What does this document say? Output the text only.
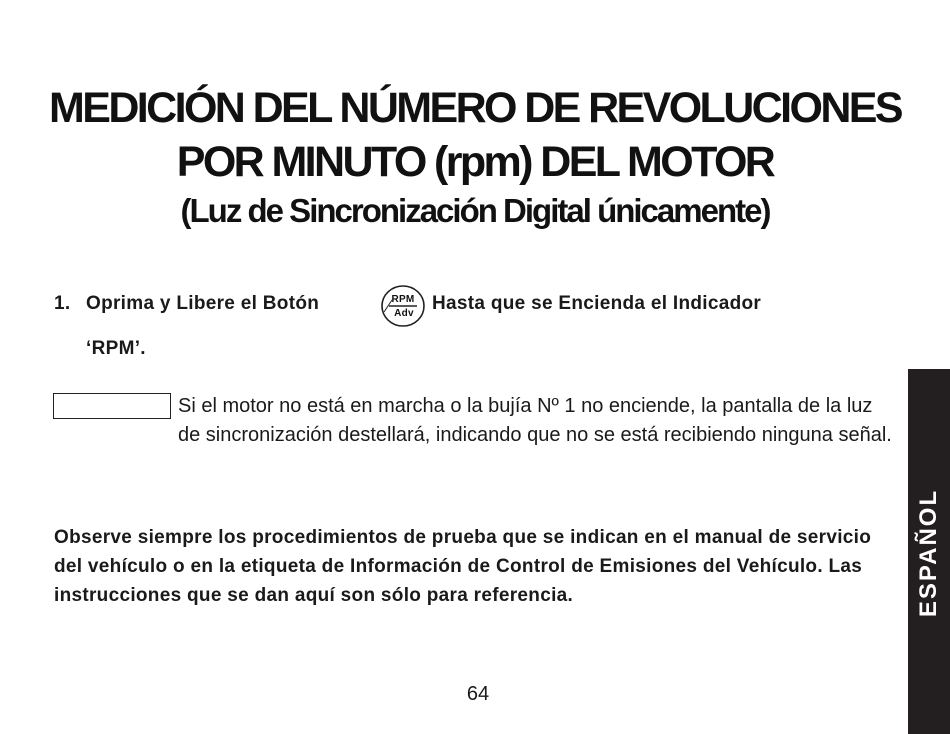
MEDICIÓN DEL NÚMERO DE REVOLUCIONES
POR MINUTO (rpm) DEL MOTOR
(Luz de Sincronización Digital únicamente)
1. Oprima y Libere el Botón	RPM
Adv Hasta que se Encienda el Indicador
‘RPM’.
Si el motor no está en marcha o la bujía Nº 1 no enciende, la pantalla de la luz de sincronización destellará, indicando que no se está recibiendo ninguna señal.
Observe siempre los procedimientos de prueba que se indican en el manual de servicio del vehículo o en la etiqueta de Información de Control de Emisiones del Vehículo. Las instrucciones que se dan aquí son sólo para referencia.
64
ESPAÑOL
